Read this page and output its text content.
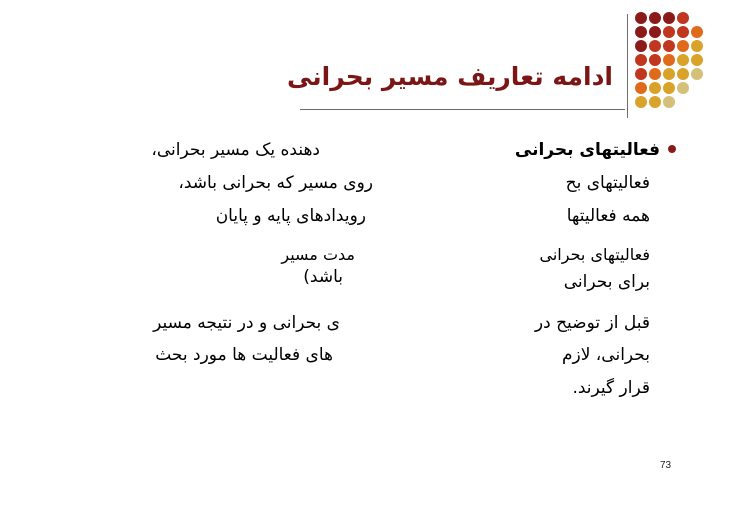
ادامه تعاریف مسیر بحرانی
فعالیتهای بحرانی
فعالیتهای بح
همه فعالیتها
فعالیتهای بحرانی
برای بحرانی
قبل از توضیح در
بحرانی، لازم
قرار گیرند.
دهنده یک مسیر بحرانی،
روی مسیر که بحرانی باشد،
رویدادهای پایه و پایان
مدت مسیر
باشد)
ی بحرانی و در نتیجه مسیر
های فعالیت ها مورد بحث
73
